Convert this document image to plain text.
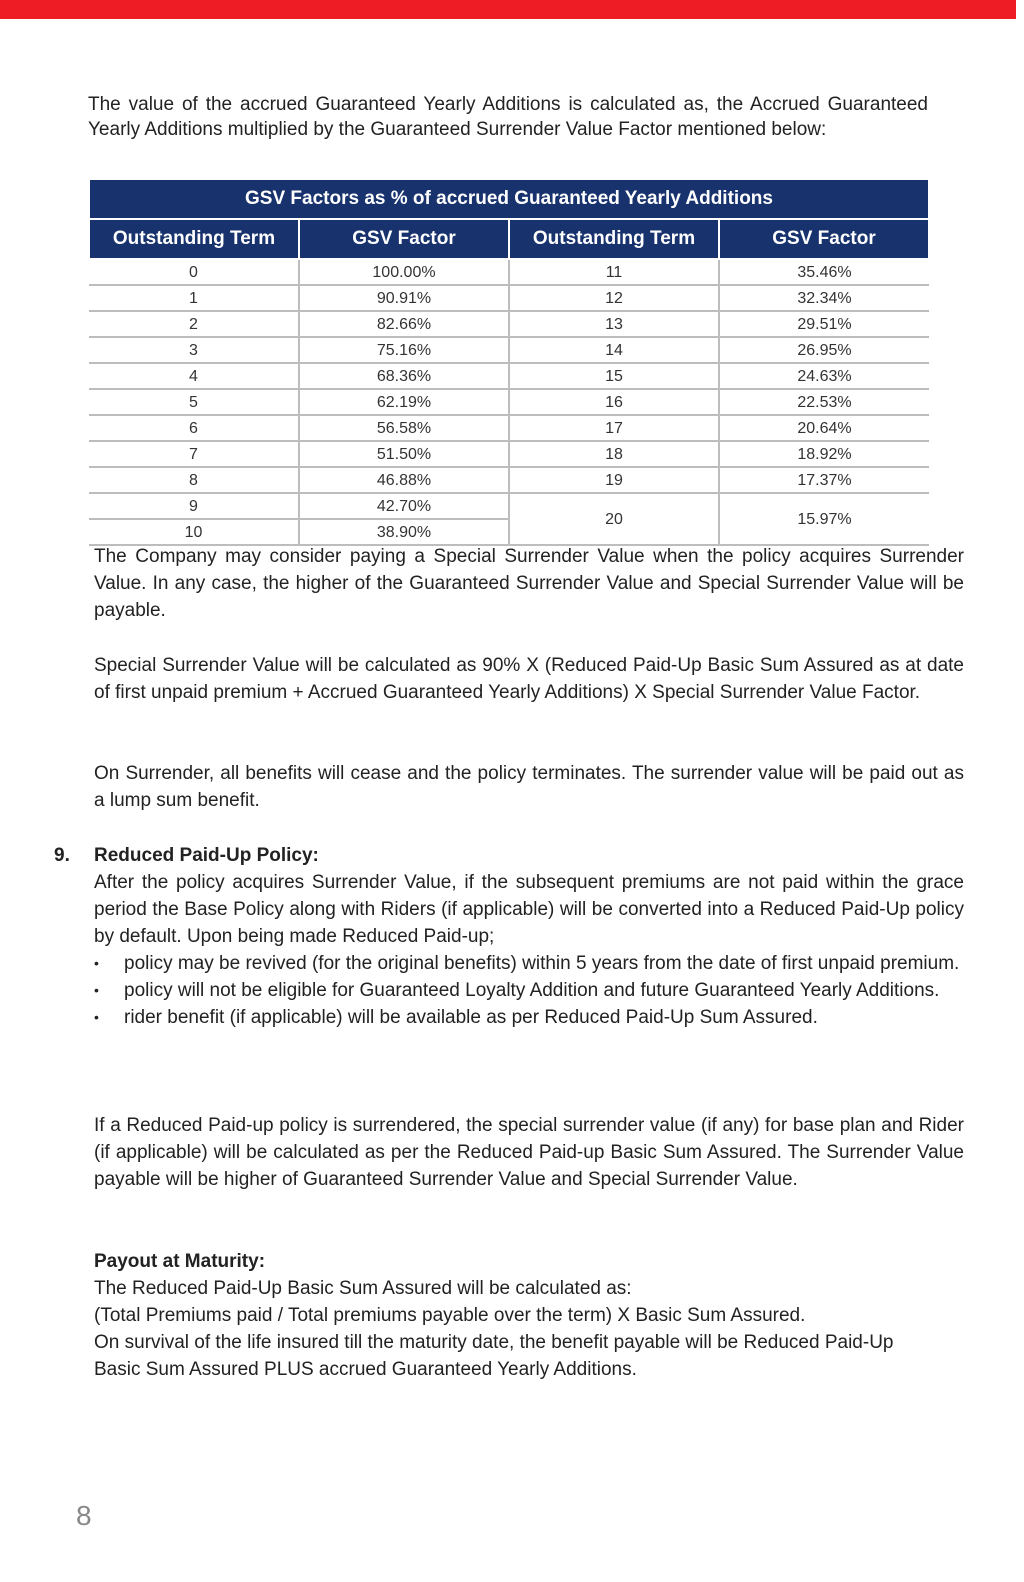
The value of the accrued Guaranteed Yearly Additions is calculated as, the Accrued Guaranteed Yearly Additions multiplied by the Guaranteed Surrender Value Factor mentioned below:

GSV Factors as % of accrued Guaranteed Yearly Additions			
Outstanding Term	GSV Factor	Outstanding Term	GSV Factor
0	100.00%	11	35.46%
1	90.91%	12	32.34%
2	82.66%	13	29.51%
3	75.16%	14	26.95%
4	68.36%	15	24.63%
5	62.19%	16	22.53%
6	56.58%	17	20.64%
7	51.50%	18	18.92%
8	46.88%	19	17.37%
9	42.70%	20	15.97%
10	38.90%		

The Company may consider paying a Special Surrender Value when the policy acquires Surrender Value. In any case, the higher of the Guaranteed Surrender Value and Special Surrender Value will be payable.

Special Surrender Value will be calculated as 90% X (Reduced Paid-Up Basic Sum Assured as at date of first unpaid premium + Accrued Guaranteed Yearly Additions) X Special Surrender Value Factor.

On Surrender, all benefits will cease and the policy terminates. The surrender value will be paid out as a lump sum benefit.

9. Reduced Paid-Up Policy:

After the policy acquires Surrender Value, if the subsequent premiums are not paid within the grace period the Base Policy along with Riders (if applicable) will be converted into a Reduced Paid-Up policy by default. Upon being made Reduced Paid-up;

• policy may be revived (for the original benefits) within 5 years from the date of first unpaid premium.
• policy will not be eligible for Guaranteed Loyalty Addition and future Guaranteed Yearly Additions.
• rider benefit (if applicable) will be available as per Reduced Paid-Up Sum Assured.

If a Reduced Paid-up policy is surrendered, the special surrender value (if any) for base plan and Rider (if applicable) will be calculated as per the Reduced Paid-up Basic Sum Assured. The Surrender Value payable will be higher of Guaranteed Surrender Value and Special Surrender Value.

Payout at Maturity:

The Reduced Paid-Up Basic Sum Assured will be calculated as:
(Total Premiums paid / Total premiums payable over the term) X Basic Sum Assured.
On survival of the life insured till the maturity date, the benefit payable will be Reduced Paid-Up
Basic Sum Assured PLUS accrued Guaranteed Yearly Additions.
8
